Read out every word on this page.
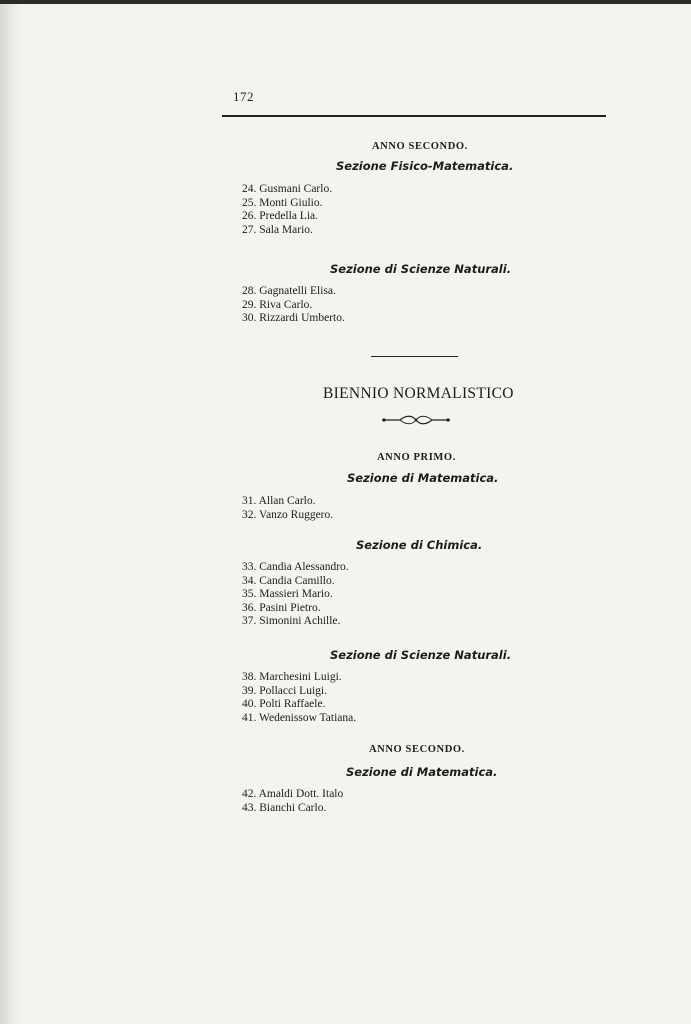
172
ANNO SECONDO.
Sezione Fisico-Matematica.
24. Gusmani Carlo.
25. Monti Giulio.
26. Predella Lia.
27. Sala Mario.
Sezione di Scienze Naturali.
28. Gagnatelli Elisa.
29. Riva Carlo.
30. Rizzardi Umberto.
BIENNIO NORMALISTICO
ANNO PRIMO.
Sezione di Matematica.
31. Allan Carlo.
32. Vanzo Ruggero.
Sezione di Chimica.
33. Candia Alessandro.
34. Candia Camillo.
35. Massieri Mario.
36. Pasini Pietro.
37. Simonini Achille.
Sezione di Scienze Naturali.
38. Marchesini Luigi.
39. Pollacci Luigi.
40. Polti Raffaele.
41. Wedenissow Tatiana.
ANNO SECONDO.
Sezione di Matematica.
42. Amaldi Dott. Italo
43. Bianchi Carlo.
